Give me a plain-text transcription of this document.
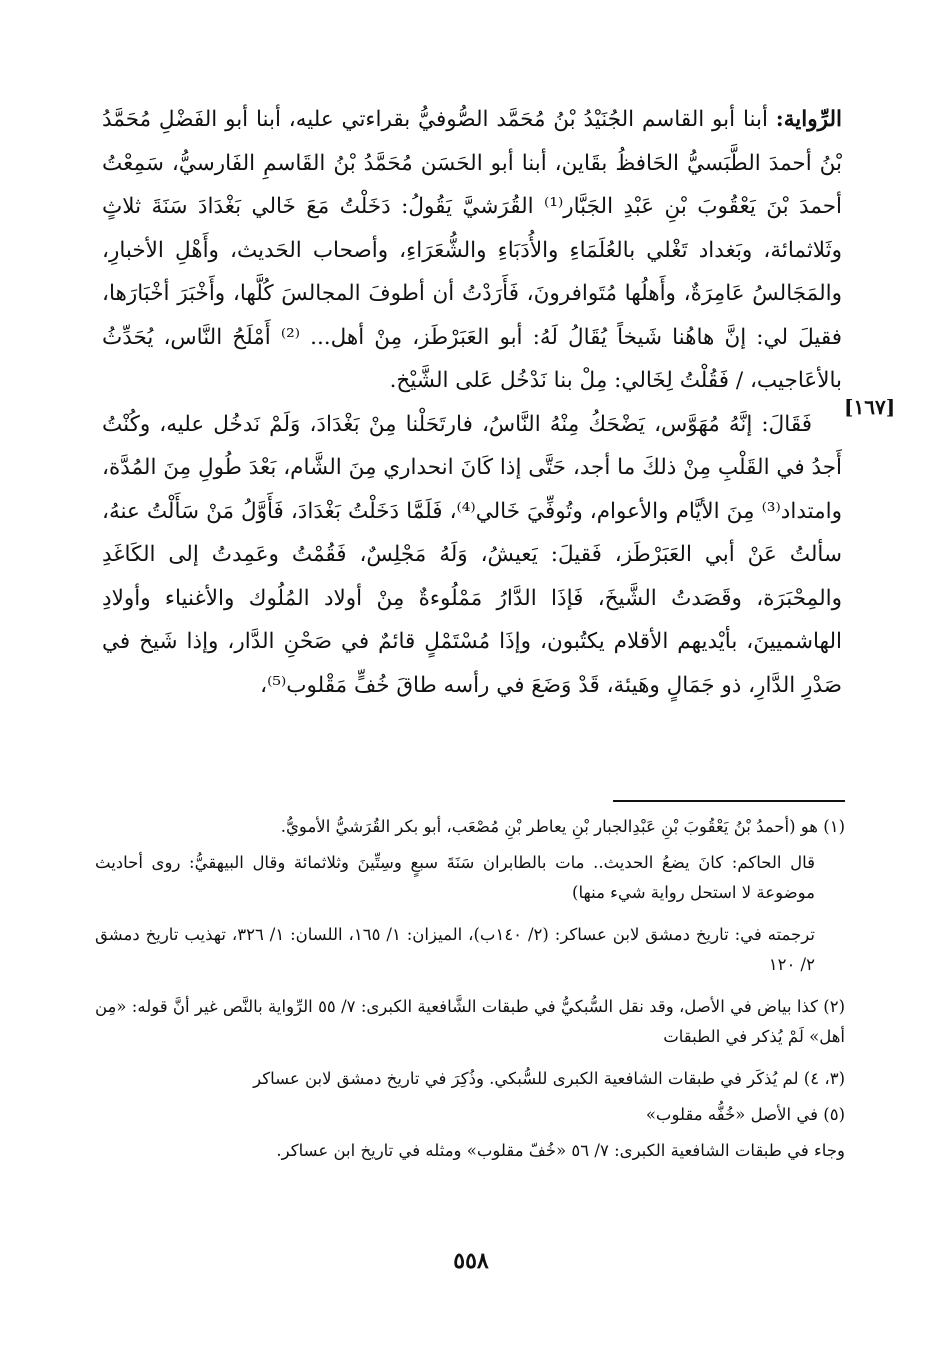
الرِّواية: أبنا أبو القاسم الجُنَيْدُ بْنُ مُحَمَّد الصُّوفيُّ بقراءتي عليه، أبنا أبو الفَضْلِ مُحَمَّدُ بْنُ أحمدَ الطَّبَسيُّ الحَافظُ بقَاين، أبنا أبو الحَسَن مُحَمَّدُ بْنُ القَاسمِ الفَارسيُّ، سَمِعْتُ أحمدَ بْنَ يَعْقُوبَ بْنِ عَبْدِ الجَبَّار⁽¹⁾ القُرَشيَّ يَقُولُ: دَخَلْتُ مَعَ خَالي بَغْدَادَ سَنَةَ ثلاثٍ وثَلاثمائة، وبَغداد تَغْلي بالعُلَمَاءِ والأُدَبَاءِ والشُّعَرَاءِ، وأصحاب الحَديث، وأَهْلِ الأخبارِ، والمَجَالسُ عَامِرَةٌ، وأَهلُها مُتَوافرونَ، فَأَرَدْتُ أن أطوفَ المجالسَ كُلَّها، وأَخْبَرَ أخْبَارَها، فقيلَ لي: إنَّ هاهُنا شَيخاً يُقَالُ لَهُ: أبو العَبَرْطَز، مِنْ أهل... ⁽²⁾ أَمْلَحُ النَّاس، يُحَدِّثُ بالأعَاجيب، / فَقُلْتُ لِخَالي: مِلْ بنا نَدْخُل عَلى الشَّيْخ.

فَقَالَ: إنَّهُ مُهَوَّس، يَضْحَكُ مِنْهُ النَّاسُ، فارتَحَلْنا مِنْ بَغْدَادَ، وَلَمْ نَدخُل عليه، وكُنْتُ أَجدُ في القَلْبِ مِنْ ذلكَ ما أجد، حَتَّى إذا كَانَ انحداري مِنَ الشَّام، بَعْدَ طُولِ مِنَ المُدَّة، وامتداد⁽³⁾ مِنَ الأيَّام والأعوام، وتُوفِّيَ خَالي⁽⁴⁾، فَلَمَّا دَخَلْتُ بَغْدَادَ، فَأَوَّلُ مَنْ سَأَلْتُ عنهُ، سألتُ عَنْ أبي العَبَرْطَز، فَقيلَ: يَعيشُ، وَلَهُ مَجْلِسٌ، فَقُمْتُ وعَمِدتُ إلى الكَاغَدِ والمِحْبَرَة، وقَصَدتُ الشَّيخَ، فَإذَا الدَّارُ مَمْلُوءةٌ مِنْ أولاد المُلُوك والأغنياء وأولادِ الهاشميينَ، بأيْديهم الأقلام يكتُبون، وإذَا مُسْتَمْلٍ قائمٌ في صَحْنِ الدَّار، وإذا شَيخ في صَدْرِ الدَّارِ، ذو جَمَالٍ وهَيئة، قَدْ وَضَعَ في رأسه طاقَ خُفٍّ مَقْلوب⁽⁵⁾،

[١٦٧]

(١) هو (أحمدُ بْنُ يَعْقُوبَ بْنِ عَبْدِالجبار بْنِ يعاطر بْنِ مُصْعَب، أبو بكر القُرَشيُّ الأمويُّ.

قال الحاكم: كانَ يضعُ الحديث.. مات بالطابران سَنَةَ سبعٍ وسِتِّينَ وثلاثمائة وقال البيهقيُّ: روى أحاديث موضوعة لا استحل رواية شيء منها)

ترجمته في: تاريخ دمشق لابن عساكر: (٢/ ١٤٠ب)، الميزان: ١/ ١٦٥، اللسان: ١/ ٣٢٦، تهذيب تاريخ دمشق ٢/ ١٢٠

(٢) كذا بياض في الأصل، وقد نقل السُّبكيُّ في طبقات الشَّافعية الكبرى: ٧/ ٥٥ الرِّواية بالنَّص غير أنَّ قوله: «مِن أهل» لَمْ يُذكر في الطبقات

(٣، ٤) لم يُذكَر في طبقات الشافعية الكبرى للسُّبكي. وذُكِرَ في تاريخ دمشق لابن عساكر

(٥) في الأصل «خُفُّه مقلوب»

وجاء في طبقات الشافعية الكبرى: ٧/ ٥٦ «خُفّ مقلوب» ومثله في تاريخ ابن عساكر.

٥٥٨
